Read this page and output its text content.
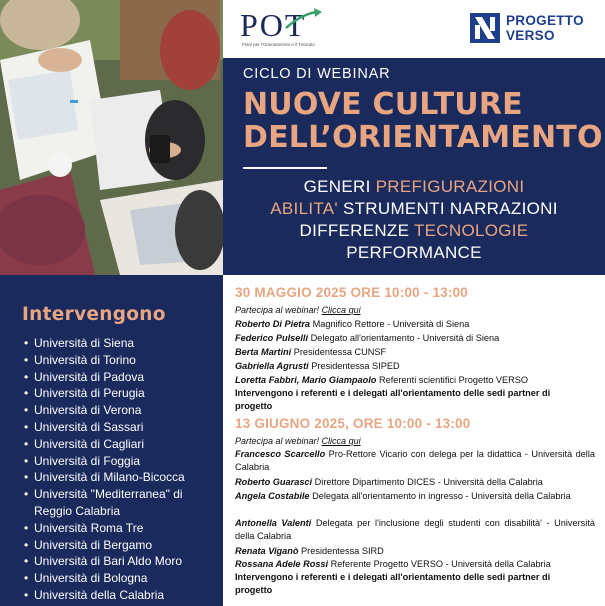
POT
Piani per l'Orientamento e il Tutorato
PROGETTO
VERSO
CICLO DI WEBINAR
NUOVE CULTURE
DELL’ORIENTAMENTO
GENERI PREFIGURAZIONI
ABILITA' STRUMENTI NARRAZIONI
DIFFERENZE TECNOLOGIE
PERFORMANCE
Intervengono
• Università di Siena
• Università di Torino
• Università di Padova
• Università di Perugia
• Università di Verona
• Università di Sassari
• Università di Cagliari
• Università di Foggia
• Università di Milano-Bicocca
• Università "Mediterranea" di Reggio Calabria
• Università Roma Tre
• Università di Bergamo
• Università di Bari Aldo Moro
• Università di Bologna
• Università della Calabria
30 MAGGIO 2025 ORE 10:00 - 13:00
Partecipa al webinar! Clicca qui
Roberto Di Pietra Magnifico Rettore - Università di Siena
Federico Pulselli Delegato all'orientamento - Università di Siena
Berta Martini Presidentessa CUNSF
Gabriella Agrusti Presidentessa SIPED
Loretta Fabbri, Mario Giampaolo Referenti scientifici Progetto VERSO
Intervengono i referenti e i delegati all'orientamento delle sedi partner di progetto
13 GIUGNO 2025, ORE 10:00 - 13:00
Partecipa al webinar! Clicca qui
Francesco Scarcello Pro-Rettore Vicario con delega per la didattica - Università della Calabria
Roberto Guarasci Direttore Dipartimento DICES - Università della Calabria
Angela Costabile Delegata all'orientamento in ingresso - Università della Calabria
Antonella Valenti Delegata per l'inclusione degli studenti con disabilità' - Università della Calabria
Renata Viganò Presidentessa SIRD
Rossana Adele Rossi Referente Progetto VERSO - Università della Calabria
Intervengono i referenti e i delegati all'orientamento delle sedi partner di progetto
